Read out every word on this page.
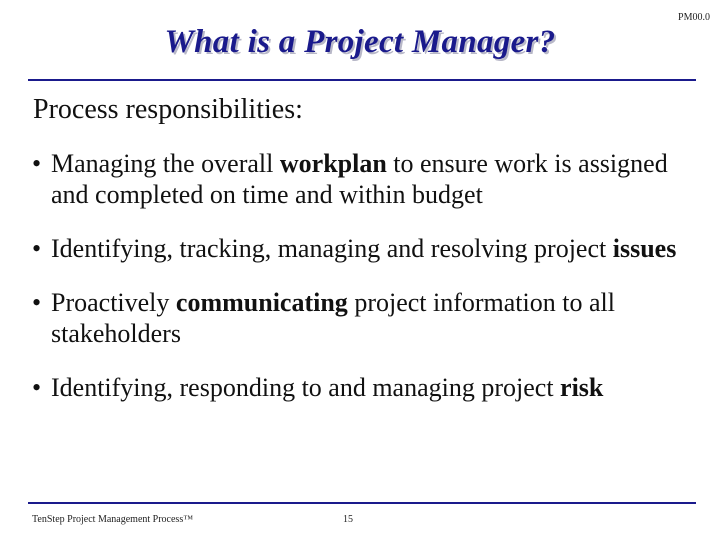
PM00.0
What is a Project Manager?
Process responsibilities:
• Managing the overall workplan to ensure work is assigned and completed on time and within budget
• Identifying, tracking, managing and resolving project issues
• Proactively communicating project information to all stakeholders
• Identifying, responding to and managing project risk
TenStep Project Management Process™	15
